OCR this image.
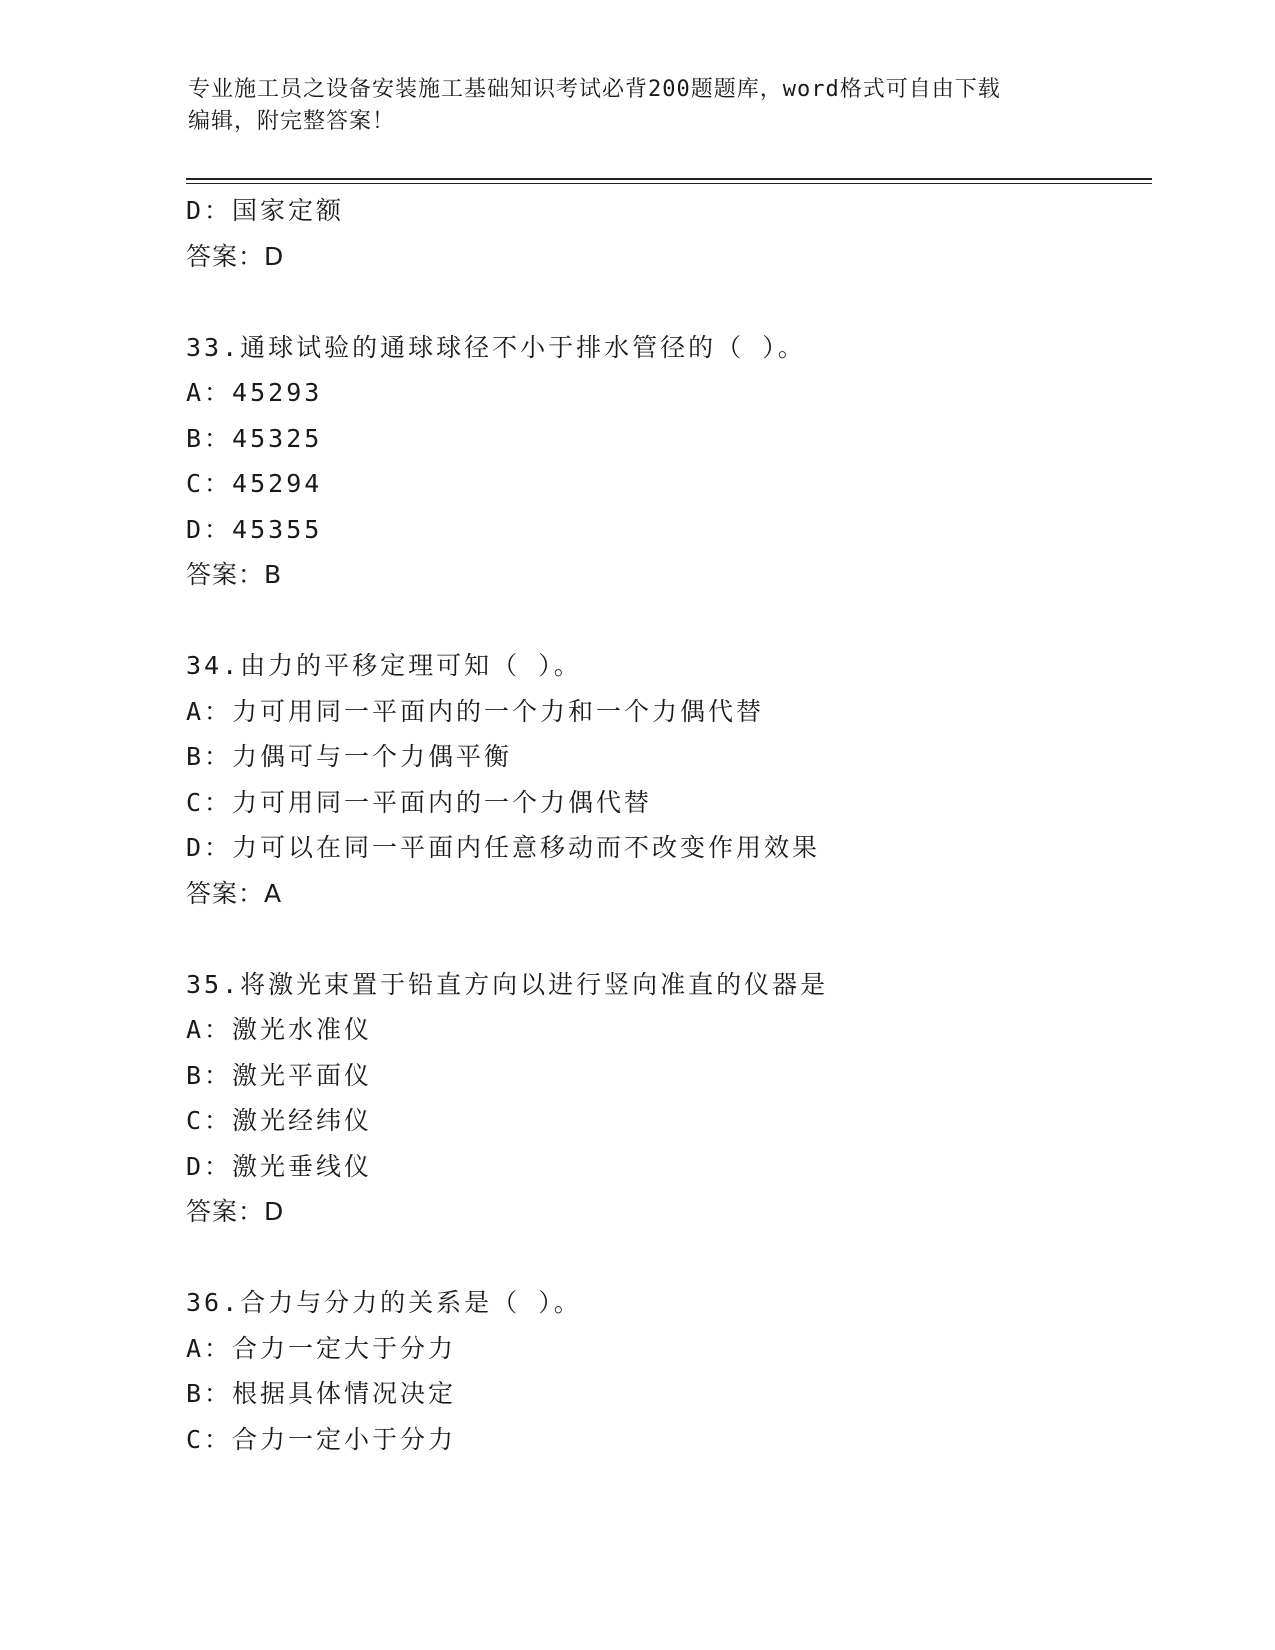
专业施工员之设备安装施工基础知识考试必背200题题库，word格式可自由下载
编辑，附完整答案！
D：国家定额
答案：D
33.通球试验的通球球径不小于排水管径的（ ）。
A：45293
B：45325
C：45294
D：45355
答案：B
34.由力的平移定理可知（ ）。
A：力可用同一平面内的一个力和一个力偶代替
B：力偶可与一个力偶平衡
C：力可用同一平面内的一个力偶代替
D：力可以在同一平面内任意移动而不改变作用效果
答案：A
35.将激光束置于铅直方向以进行竖向准直的仪器是
A：激光水准仪
B：激光平面仪
C：激光经纬仪
D：激光垂线仪
答案：D
36.合力与分力的关系是（ ）。
A：合力一定大于分力
B：根据具体情况决定
C：合力一定小于分力
